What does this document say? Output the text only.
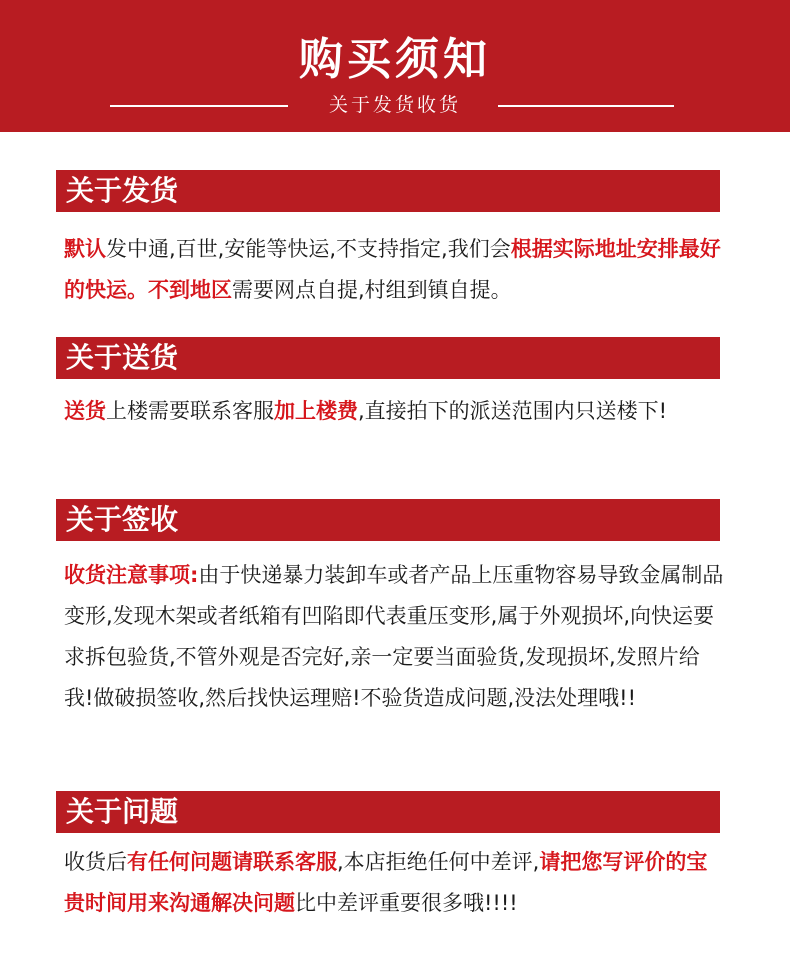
购买须知
关于发货收货
关于发货
默认发中通,百世,安能等快运,不支持指定,我们会根据实际地址安排最好的快运。不到地区需要网点自提,村组到镇自提。
关于送货
送货上楼需要联系客服加上楼费,直接拍下的派送范围内只送楼下!
关于签收
收货注意事项:由于快递暴力装卸车或者产品上压重物容易导致金属制品变形,发现木架或者纸箱有凹陷即代表重压变形,属于外观损坏,向快运要求拆包验货,不管外观是否完好,亲一定要当面验货,发现损坏,发照片给我!做破损签收,然后找快运理赔!不验货造成问题,没法处理哦!!
关于问题
收货后有任何问题请联系客服,本店拒绝任何中差评,请把您写评价的宝贵时间用来沟通解决问题比中差评重要很多哦!!!!
